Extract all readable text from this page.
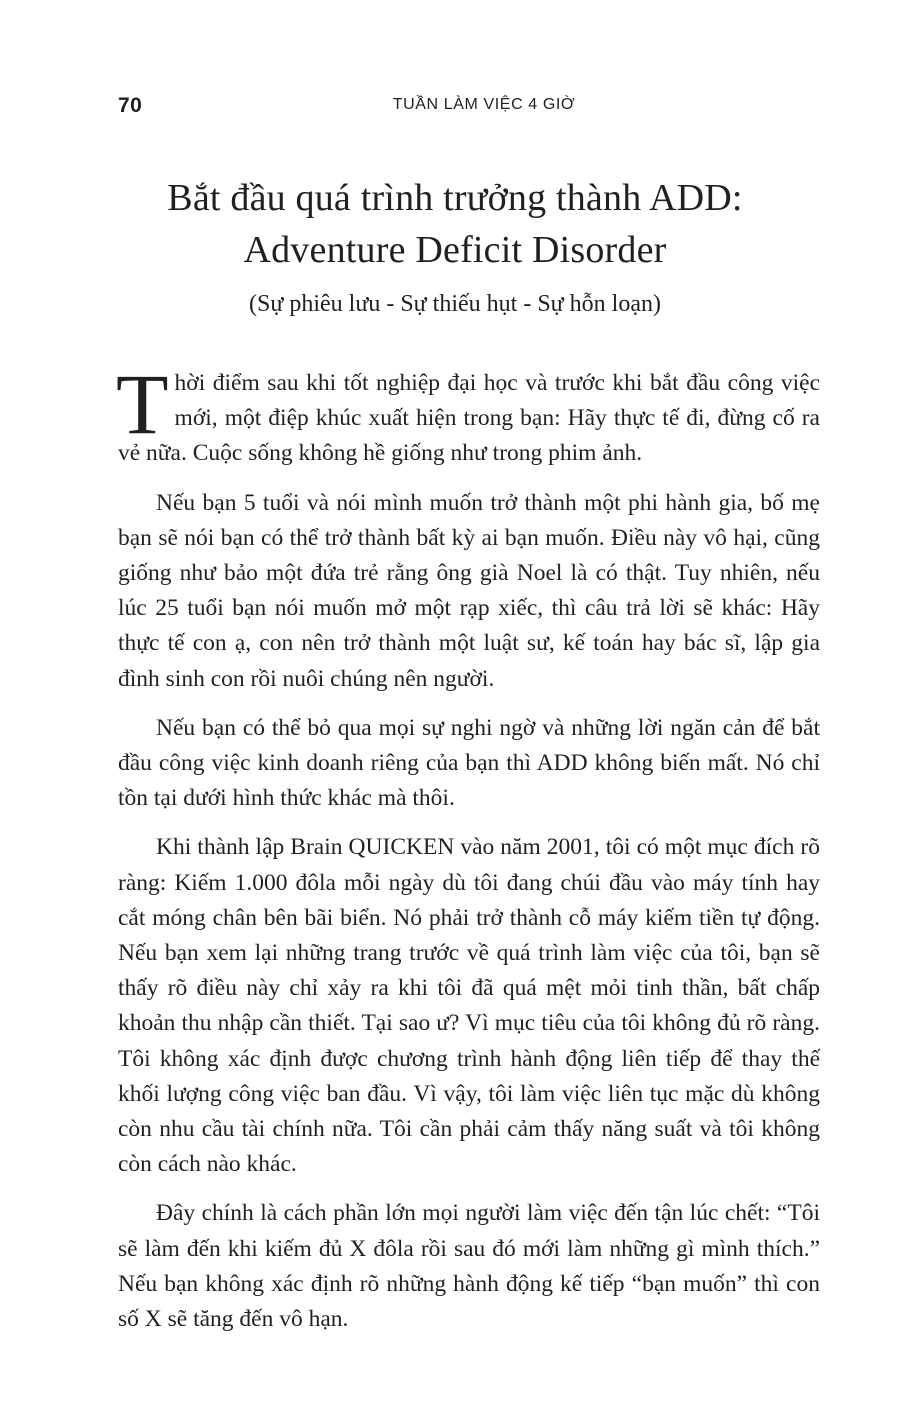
70	TUẦN LÀM VIỆC 4 GIỜ
Bắt đầu quá trình trưởng thành ADD:
Adventure Deficit Disorder
(Sự phiêu lưu - Sự thiếu hụt - Sự hỗn loạn)

Thời điểm sau khi tốt nghiệp đại học và trước khi bắt đầu công việc mới, một điệp khúc xuất hiện trong bạn: Hãy thực tế đi, đừng cố ra vẻ nữa. Cuộc sống không hề giống như trong phim ảnh.

Nếu bạn 5 tuổi và nói mình muốn trở thành một phi hành gia, bố mẹ bạn sẽ nói bạn có thể trở thành bất kỳ ai bạn muốn. Điều này vô hại, cũng giống như bảo một đứa trẻ rằng ông già Noel là có thật. Tuy nhiên, nếu lúc 25 tuổi bạn nói muốn mở một rạp xiếc, thì câu trả lời sẽ khác: Hãy thực tế con ạ, con nên trở thành một luật sư, kế toán hay bác sĩ, lập gia đình sinh con rồi nuôi chúng nên người.

Nếu bạn có thể bỏ qua mọi sự nghi ngờ và những lời ngăn cản để bắt đầu công việc kinh doanh riêng của bạn thì ADD không biến mất. Nó chỉ tồn tại dưới hình thức khác mà thôi.

Khi thành lập Brain QUICKEN vào năm 2001, tôi có một mục đích rõ ràng: Kiếm 1.000 đôla mỗi ngày dù tôi đang chúi đầu vào máy tính hay cắt móng chân bên bãi biển. Nó phải trở thành cỗ máy kiếm tiền tự động. Nếu bạn xem lại những trang trước về quá trình làm việc của tôi, bạn sẽ thấy rõ điều này chỉ xảy ra khi tôi đã quá mệt mỏi tinh thần, bất chấp khoản thu nhập cần thiết. Tại sao ư? Vì mục tiêu của tôi không đủ rõ ràng. Tôi không xác định được chương trình hành động liên tiếp để thay thế khối lượng công việc ban đầu. Vì vậy, tôi làm việc liên tục mặc dù không còn nhu cầu tài chính nữa. Tôi cần phải cảm thấy năng suất và tôi không còn cách nào khác.

Đây chính là cách phần lớn mọi người làm việc đến tận lúc chết: “Tôi sẽ làm đến khi kiếm đủ X đôla rồi sau đó mới làm những gì mình thích.” Nếu bạn không xác định rõ những hành động kế tiếp “bạn muốn” thì con số X sẽ tăng đến vô hạn.
